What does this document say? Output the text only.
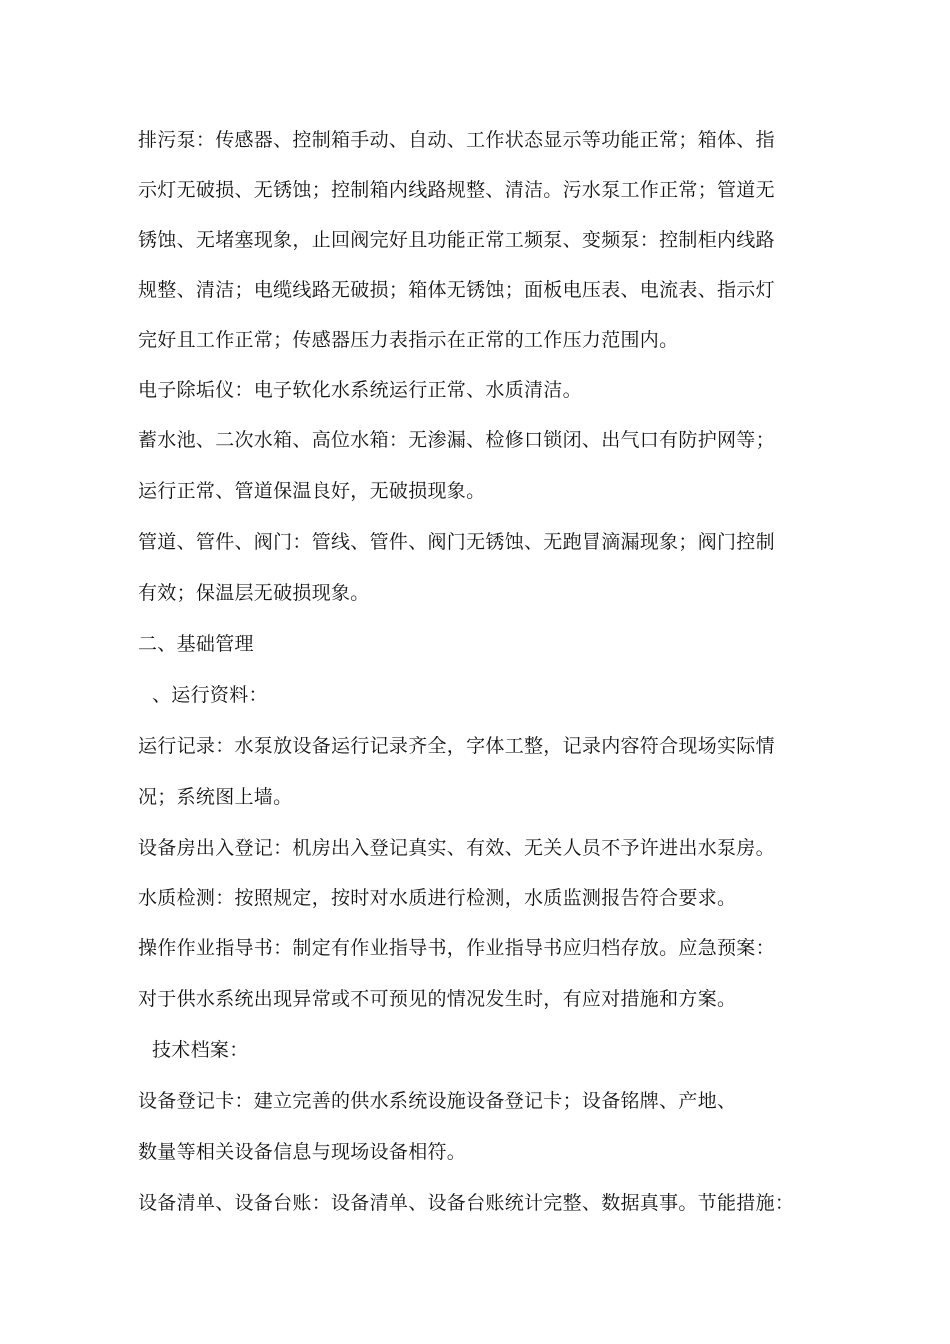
排污泵：传感器、控制箱手动、自动、工作状态显示等功能正常；箱体、指
示灯无破损、无锈蚀；控制箱内线路规整、清洁。污水泵工作正常；管道无
锈蚀、无堵塞现象，止回阀完好且功能正常工频泵、变频泵：控制柜内线路
规整、清洁；电缆线路无破损；箱体无锈蚀；面板电压表、电流表、指示灯
完好且工作正常；传感器压力表指示在正常的工作压力范围内。
电子除垢仪：电子软化水系统运行正常、水质清洁。
蓄水池、二次水箱、高位水箱：无渗漏、检修口锁闭、出气口有防护网等；
运行正常、管道保温良好，无破损现象。
管道、管件、阀门：管线、管件、阀门无锈蚀、无跑冒滴漏现象；阀门控制
有效；保温层无破损现象。
二、基础管理
、运行资料：
运行记录：水泵放设备运行记录齐全，字体工整，记录内容符合现场实际情
况；系统图上墙。
设备房出入登记：机房出入登记真实、有效、无关人员不予许进出水泵房。
水质检测：按照规定，按时对水质进行检测，水质监测报告符合要求。
操作作业指导书：制定有作业指导书，作业指导书应归档存放。应急预案：
对于供水系统出现异常或不可预见的情况发生时，有应对措施和方案。
技术档案：
设备登记卡：建立完善的供水系统设施设备登记卡；设备铭牌、产地、
数量等相关设备信息与现场设备相符。
设备清单、设备台账：设备清单、设备台账统计完整、数据真事。节能措施：
